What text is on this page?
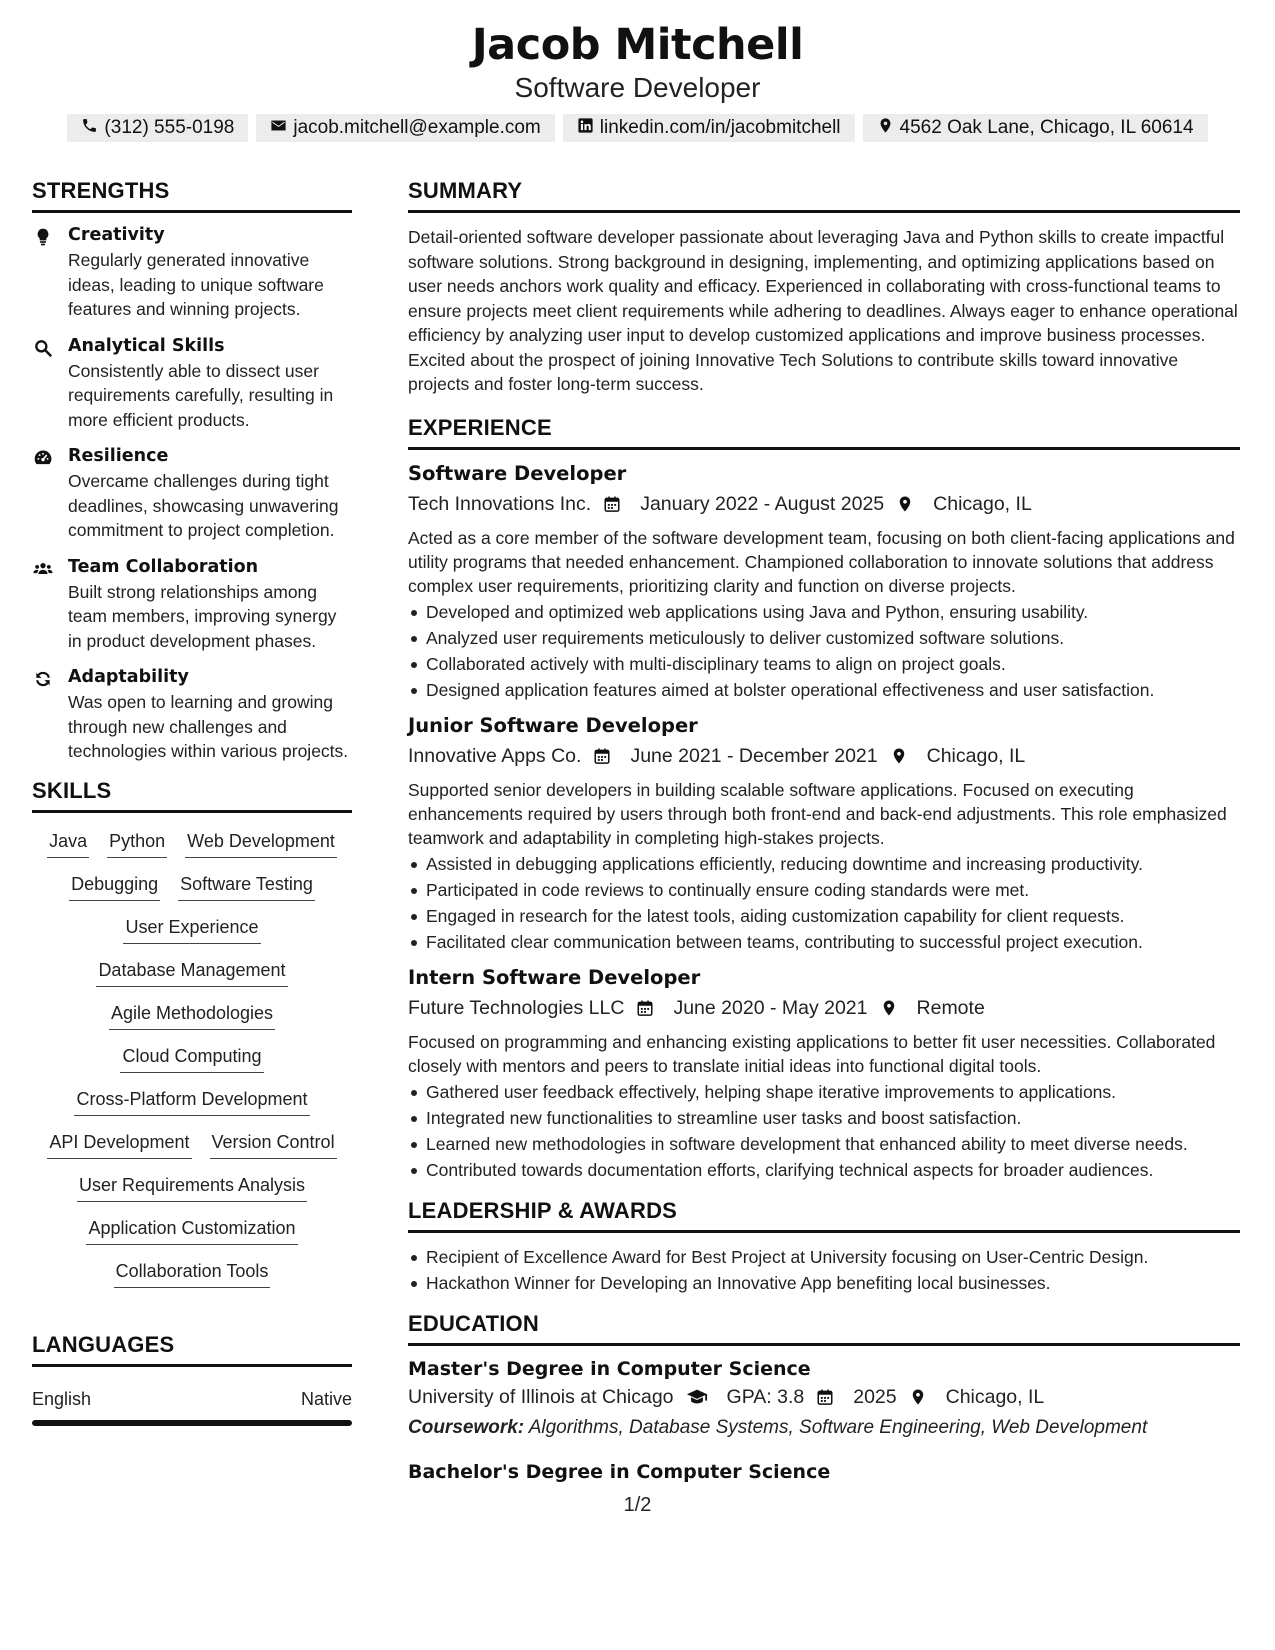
Jacob Mitchell
Software Developer
(312) 555-0198	jacob.mitchell@example.com	linkedin.com/in/jacobmitchell	4562 Oak Lane, Chicago, IL 60614
STRENGTHS
Creativity
Regularly generated innovative ideas, leading to unique software features and winning projects.
Analytical Skills
Consistently able to dissect user requirements carefully, resulting in more efficient products.
Resilience
Overcame challenges during tight deadlines, showcasing unwavering commitment to project completion.
Team Collaboration
Built strong relationships among team members, improving synergy in product development phases.
Adaptability
Was open to learning and growing through new challenges and technologies within various projects.
SKILLS
Java Python Web Development
Debugging Software Testing
User Experience
Database Management
Agile Methodologies
Cloud Computing
Cross-Platform Development
API Development Version Control
User Requirements Analysis
Application Customization
Collaboration Tools
LANGUAGES
English	Native
SUMMARY
Detail-oriented software developer passionate about leveraging Java and Python skills to create impactful software solutions. Strong background in designing, implementing, and optimizing applications based on user needs anchors work quality and efficacy. Experienced in collaborating with cross-functional teams to ensure projects meet client requirements while adhering to deadlines. Always eager to enhance operational efficiency by analyzing user input to develop customized applications and improve business processes. Excited about the prospect of joining Innovative Tech Solutions to contribute skills toward innovative projects and foster long-term success.
EXPERIENCE
Software Developer
Tech Innovations Inc.	January 2022 - August 2025	Chicago, IL
Acted as a core member of the software development team, focusing on both client-facing applications and utility programs that needed enhancement. Championed collaboration to innovate solutions that address complex user requirements, prioritizing clarity and function on diverse projects.
Developed and optimized web applications using Java and Python, ensuring usability.
Analyzed user requirements meticulously to deliver customized software solutions.
Collaborated actively with multi-disciplinary teams to align on project goals.
Designed application features aimed at bolster operational effectiveness and user satisfaction.
Junior Software Developer
Innovative Apps Co.	June 2021 - December 2021	Chicago, IL
Supported senior developers in building scalable software applications. Focused on executing enhancements required by users through both front-end and back-end adjustments. This role emphasized teamwork and adaptability in completing high-stakes projects.
Assisted in debugging applications efficiently, reducing downtime and increasing productivity.
Participated in code reviews to continually ensure coding standards were met.
Engaged in research for the latest tools, aiding customization capability for client requests.
Facilitated clear communication between teams, contributing to successful project execution.
Intern Software Developer
Future Technologies LLC	June 2020 - May 2021	Remote
Focused on programming and enhancing existing applications to better fit user necessities. Collaborated closely with mentors and peers to translate initial ideas into functional digital tools.
Gathered user feedback effectively, helping shape iterative improvements to applications.
Integrated new functionalities to streamline user tasks and boost satisfaction.
Learned new methodologies in software development that enhanced ability to meet diverse needs.
Contributed towards documentation efforts, clarifying technical aspects for broader audiences.
LEADERSHIP & AWARDS
Recipient of Excellence Award for Best Project at University focusing on User-Centric Design.
Hackathon Winner for Developing an Innovative App benefiting local businesses.
EDUCATION
Master's Degree in Computer Science
University of Illinois at Chicago	GPA: 3.8	2025	Chicago, IL
Coursework: Algorithms, Database Systems, Software Engineering, Web Development
Bachelor's Degree in Computer Science
1/2
